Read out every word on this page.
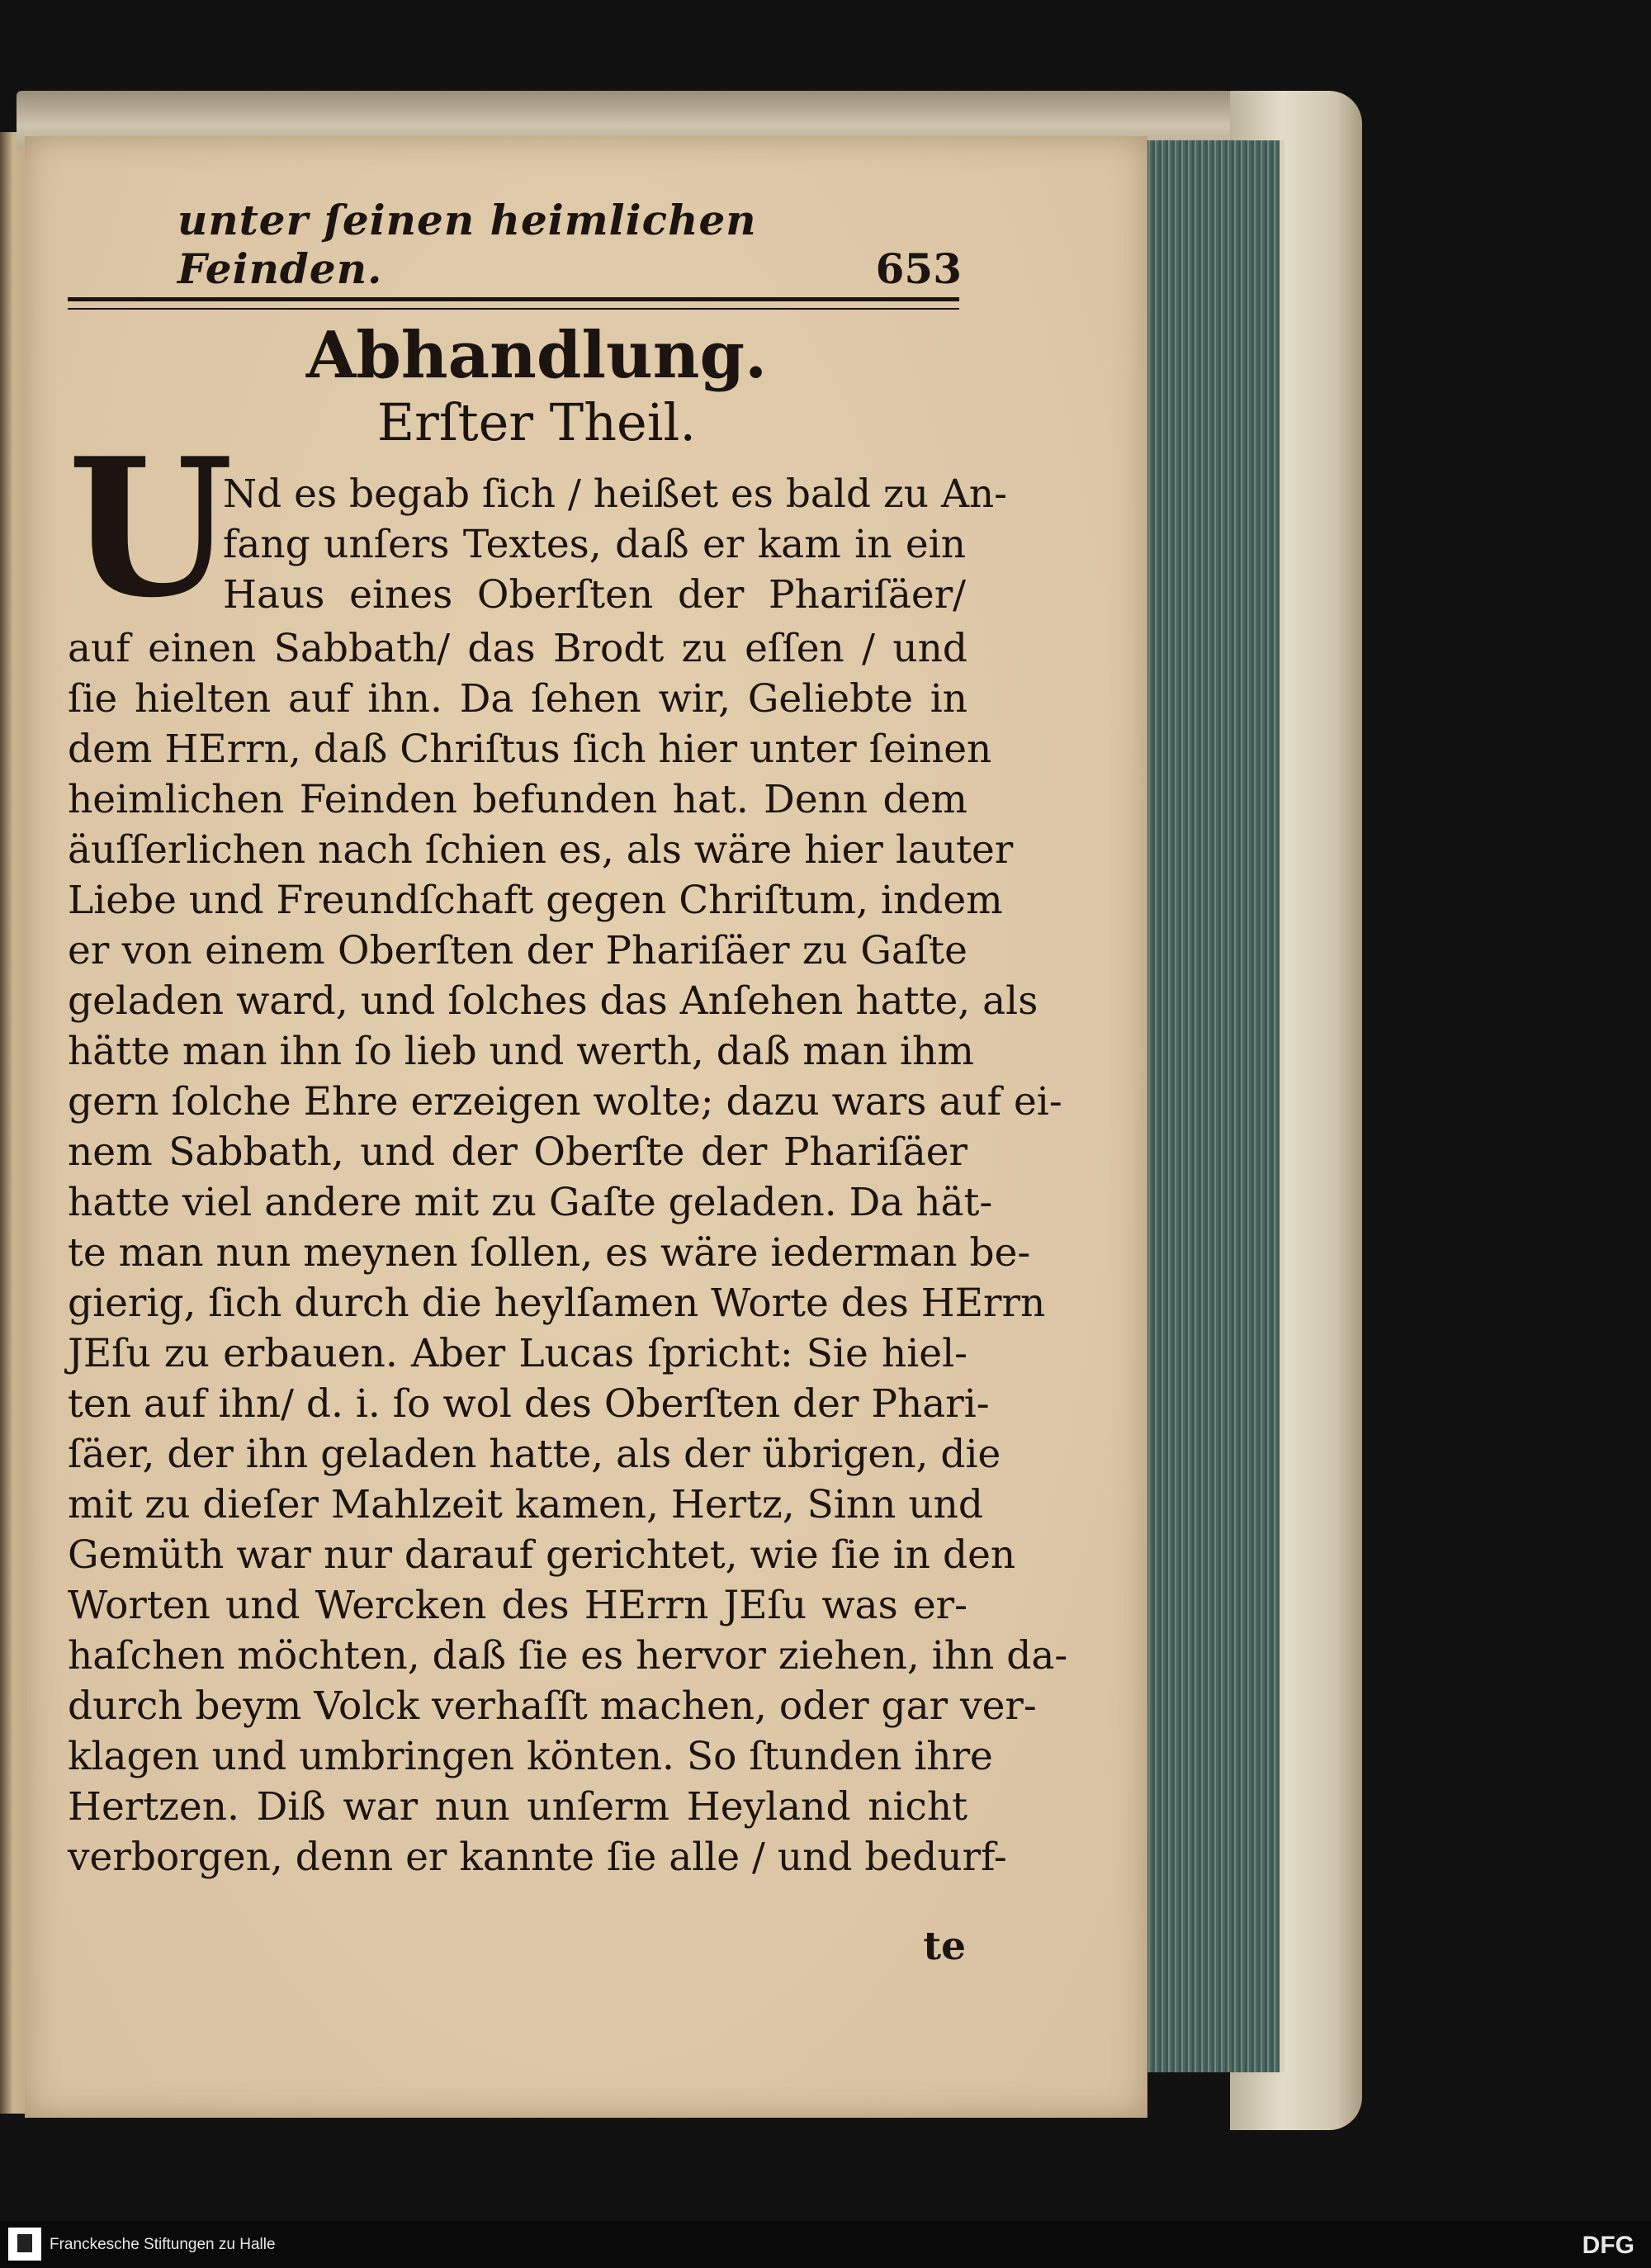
unter ſeinen heimlichen Feinden.	653
Abhandlung.
Erſter Theil.
U
Nd es begab ſich / heißet es bald zu An-
fang unſers Textes, daß er kam in ein
Haus eines Oberſten der Phariſäer/
auf einen Sabbath/ das Brodt zu eſſen / und
ſie hielten auf ihn. Da ſehen wir, Geliebte in
dem HErrn, daß Chriſtus ſich hier unter ſeinen
heimlichen Feinden befunden hat. Denn dem
äuſſerlichen nach ſchien es, als wäre hier lauter
Liebe und Freundſchaft gegen Chriſtum, indem
er von einem Oberſten der Phariſäer zu Gaſte
geladen ward, und ſolches das Anſehen hatte, als
hätte man ihn ſo lieb und werth, daß man ihm
gern ſolche Ehre erzeigen wolte; dazu wars auf ei-
nem Sabbath, und der Oberſte der Phariſäer
hatte viel andere mit zu Gaſte geladen. Da hät-
te man nun meynen ſollen, es wäre iederman be-
gierig, ſich durch die heylſamen Worte des HErrn
JEſu zu erbauen. Aber Lucas ſpricht: Sie hiel-
ten auf ihn/ d. i. ſo wol des Oberſten der Phari-
ſäer, der ihn geladen hatte, als der übrigen, die
mit zu dieſer Mahlzeit kamen, Hertz, Sinn und
Gemüth war nur darauf gerichtet, wie ſie in den
Worten und Wercken des HErrn JEſu was er-
haſchen möchten, daß ſie es hervor ziehen, ihn da-
durch beym Volck verhaſſt machen, oder gar ver-
klagen und umbringen könten. So ſtunden ihre
Hertzen. Diß war nun unſerm Heyland nicht
verborgen, denn er kannte ſie alle / und bedurf-
te
Franckesche Stiftungen zu Halle	DFG
